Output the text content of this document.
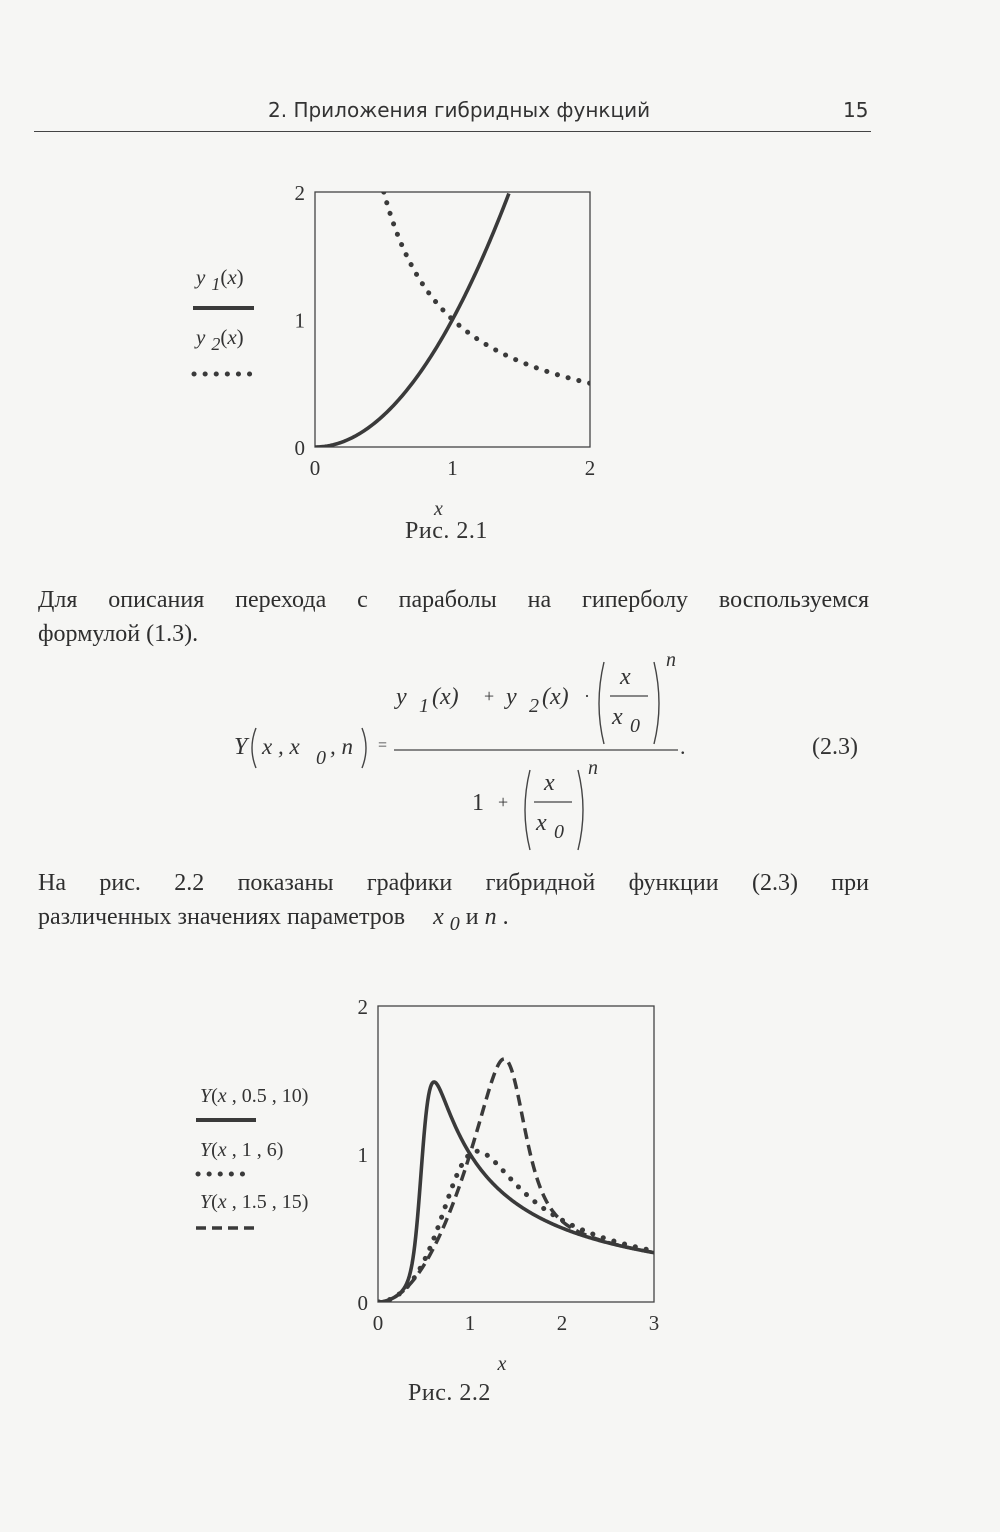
2. Приложения гибридных функций	15
y 1(x)
y 2(x)
0	1	2
0
1
2
x
Рис. 2.1
Для описания перехода с параболы на гиперболу воспользуемся
формулой (1.3).
Y x , x 0 , n =
y 1 (x) + y 2 (x) ·
x
x 0
n
.
1 +
x
x 0
n
(2.3)
На рис. 2.2 показаны графики гибридной функции (2.3) при
различенных значениях параметров x $_0$ и n .
Y(x , 0.5 , 10)
Y(x , 1 , 6)
Y(x , 1.5 , 15)
0	1	2	3
0
1
2
x
Рис. 2.2
